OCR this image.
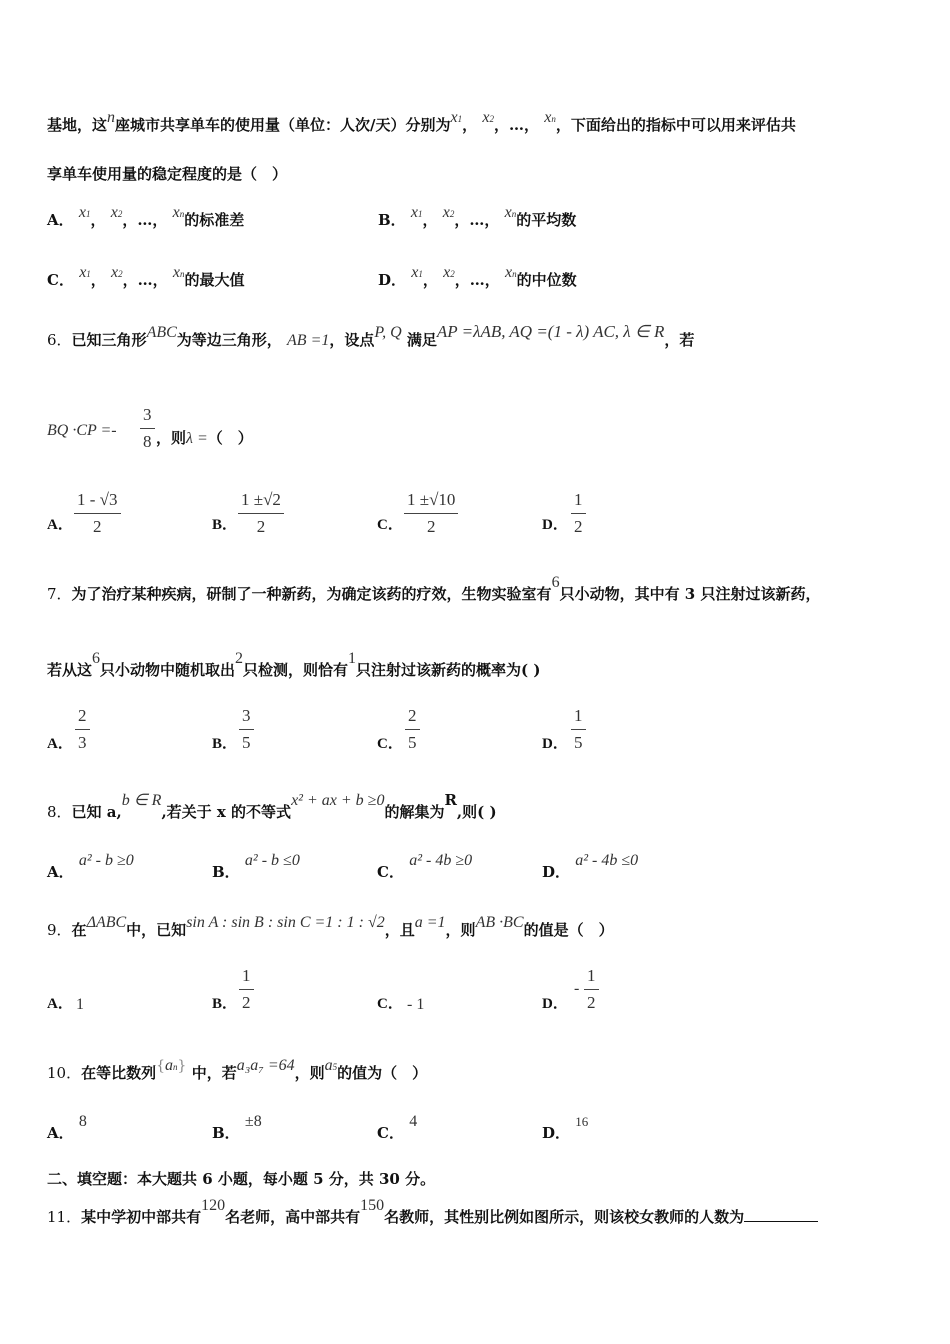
基地，这n座城市共享单车的使用量（单位：人次/天）分别为x1， x2，…， xn，下面给出的指标中可以用来评估共
享单车使用量的稳定程度的是（　）
A． x1， x2，…， xn的标准差	B． x1， x2，…， xn的平均数
C． x1， x2，…， xn的最大值	D． x1， x2，…， xn的中位数
6．已知三角形ABC为等边三角形， AB =1，设点P, Q 满足AP =λAB, AQ =(1 - λ) AC, λ ∈ R，若
BQ ·CP =-
3
8 ，则λ =（　）
A．
1 - √3
2	B．
1 ±√2
2	C．
1 ±√10
2	D．
1
2
7．为了治疗某种疾病，研制了一种新药，为确定该药的疗效，生物实验室有6只小动物，其中有 3 只注射过该新药，
若从这6只小动物中随机取出2只检测，则恰有1只注射过该新药的概率为( )
A．
2
3	B．
3
5	C．
2
5	D．
1
5
8．已知 a,b ∈ R,若关于 x 的不等式x² + ax + b ≥0的解集为R,则( )
A． a² - b ≥0
B． a² - b ≤0
C． a² - 4b ≥0
D． a² - 4b ≤0
9．在ΔABC中，已知sin A : sin B : sin C =1 : 1 : √2，且a =1，则AB ·BC的值是（　）
A． 1	B．
1
2	C． - 1	D．
-
1
2
10．在等比数列{an} 中，若a₃a₇ =64，则a5的值为（　）
A． 8
B． ±8
C． 4
D． 16
二、填空题：本大题共 6 小题，每小题 5 分，共 30 分。
11．某中学初中部共有120名老师，高中部共有150名教师，其性别比例如图所示，则该校女教师的人数为
